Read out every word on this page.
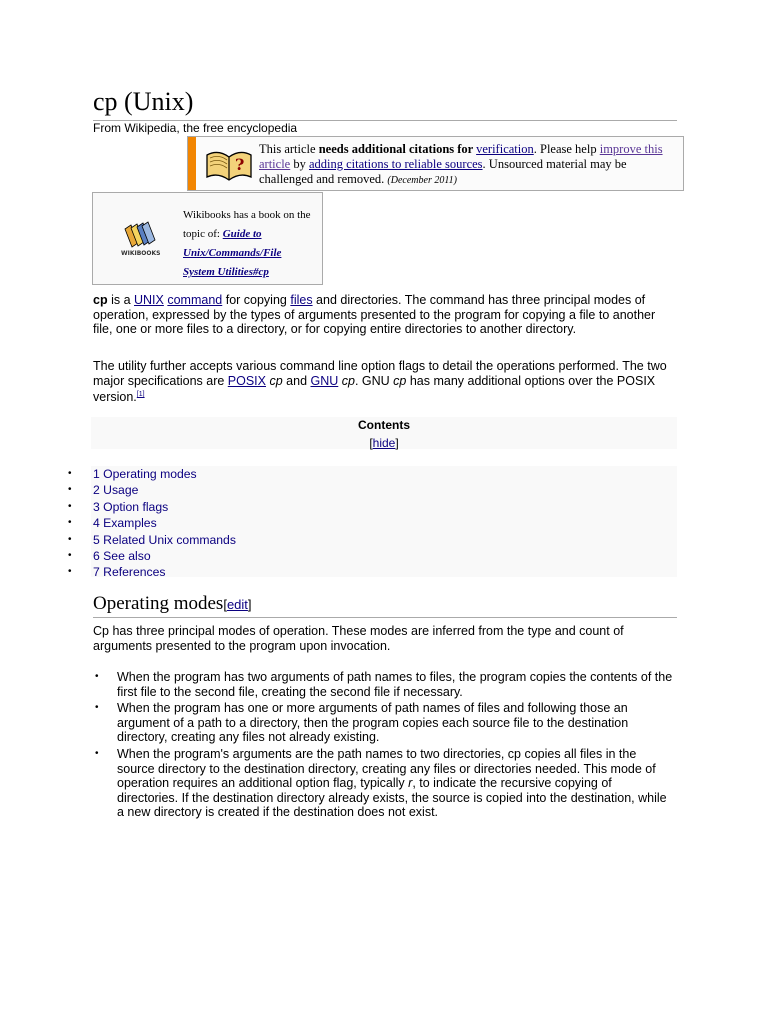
cp (Unix)
From Wikipedia, the free encyclopedia
?
This article needs additional citations for verification. Please help improve this article by adding citations to reliable sources. Unsourced material may be challenged and removed. (December 2011)
WIKIBOOKS
Wikibooks has a book on the topic of: Guide to Unix/Commands/File System Utilities#cp

cp is a UNIX command for copying files and directories. The command has three principal modes of operation, expressed by the types of arguments presented to the program for copying a file to another file, one or more files to a directory, or for copying entire directories to another directory.

The utility further accepts various command line option flags to detail the operations performed. The two major specifications are POSIX cp and GNU cp. GNU cp has many additional options over the POSIX version.[1]

Contents
[hide]
• 1 Operating modes
• 2 Usage
• 3 Option flags
• 4 Examples
• 5 Related Unix commands
• 6 See also
• 7 References
Operating modes[edit]

Cp has three principal modes of operation. These modes are inferred from the type and count of arguments presented to the program upon invocation.

• When the program has two arguments of path names to files, the program copies the contents of the first file to the second file, creating the second file if necessary.
• When the program has one or more arguments of path names of files and following those an argument of a path to a directory, then the program copies each source file to the destination directory, creating any files not already existing.
• When the program's arguments are the path names to two directories, cp copies all files in the source directory to the destination directory, creating any files or directories needed. This mode of operation requires an additional option flag, typically r, to indicate the recursive copying of directories. If the destination directory already exists, the source is copied into the destination, while a new directory is created if the destination does not exist.
